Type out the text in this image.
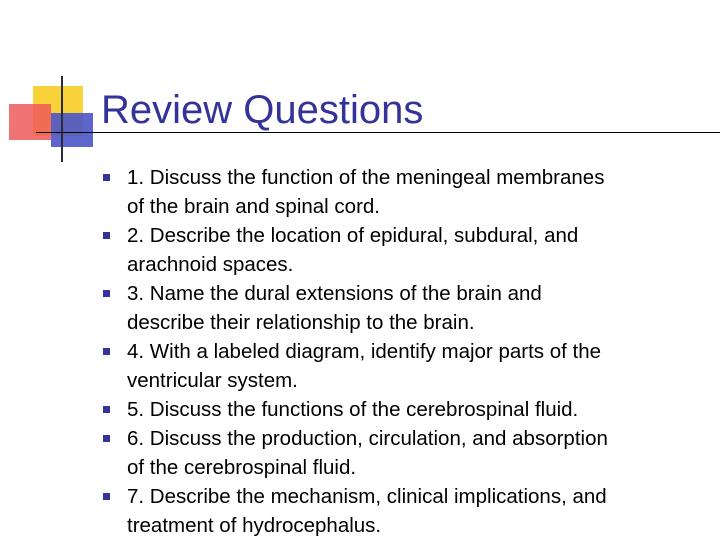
Review Questions
1. Discuss the function of the meningeal membranes
of the brain and spinal cord.
2. Describe the location of epidural, subdural, and
arachnoid spaces.
3. Name the dural extensions of the brain and
describe their relationship to the brain.
4. With a labeled diagram, identify major parts of the
ventricular system.
5. Discuss the functions of the cerebrospinal fluid.
6. Discuss the production, circulation, and absorption
of the cerebrospinal fluid.
7. Describe the mechanism, clinical implications, and
treatment of hydrocephalus.
